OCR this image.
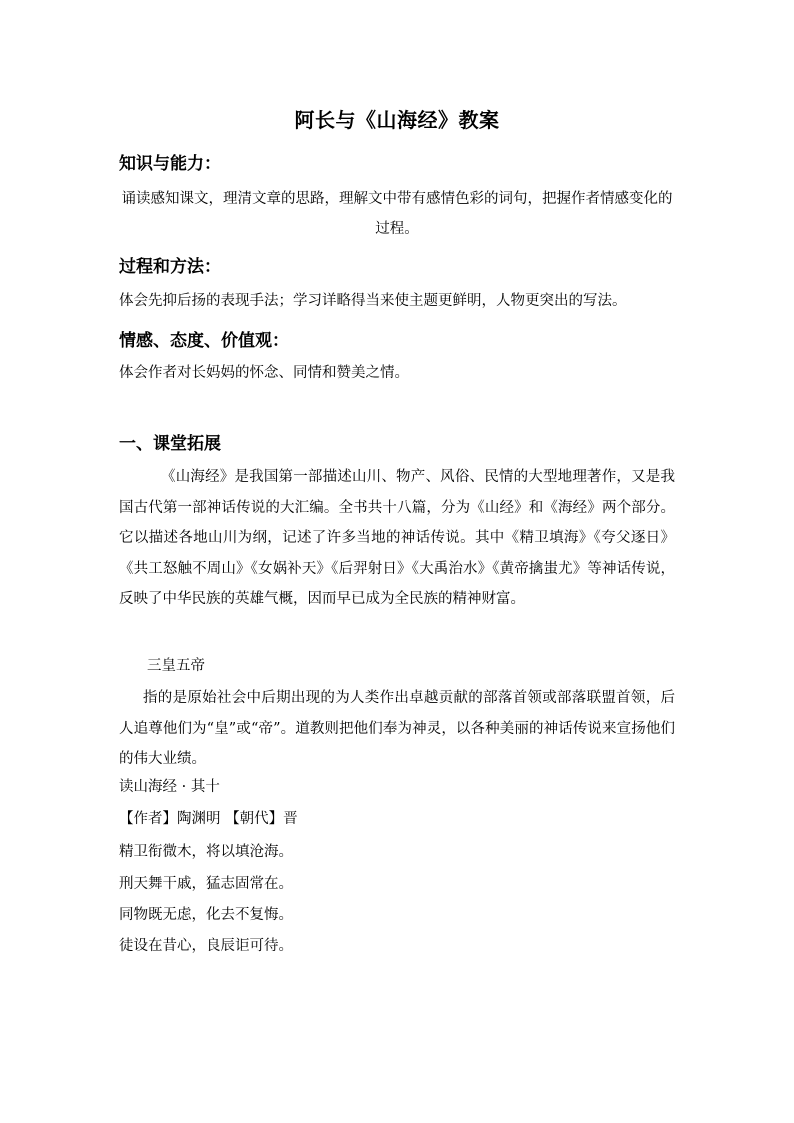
阿长与《山海经》教案
知识与能力：

诵读感知课文，理清文章的思路，理解文中带有感情色彩的词句，把握作者情感变化的过程。

过程和方法：

体会先抑后扬的表现手法；学习详略得当来使主题更鲜明，人物更突出的写法。

情感、态度、价值观：

体会作者对长妈妈的怀念、同情和赞美之情。

一、课堂拓展

《山海经》是我国第一部描述山川、物产、风俗、民情的大型地理著作，又是我国古代第一部神话传说的大汇编。全书共十八篇，分为《山经》和《海经》两个部分。它以描述各地山川为纲，记述了许多当地的神话传说。其中《精卫填海》《夸父逐日》《共工怒触不周山》《女娲补天》《后羿射日》《大禹治水》《黄帝擒蚩尤》等神话传说，反映了中华民族的英雄气概，因而早已成为全民族的精神财富。

三皇五帝

指的是原始社会中后期出现的为人类作出卓越贡献的部落首领或部落联盟首领，后人追尊他们为“皇”或“帝”。道教则把他们奉为神灵，以各种美丽的神话传说来宣扬他们的伟大业绩。

读山海经 · 其十

【作者】陶渊明 【朝代】晋

精卫衔微木，将以填沧海。

刑天舞干戚，猛志固常在。

同物既无虑，化去不复悔。

徒设在昔心，良辰讵可待。
